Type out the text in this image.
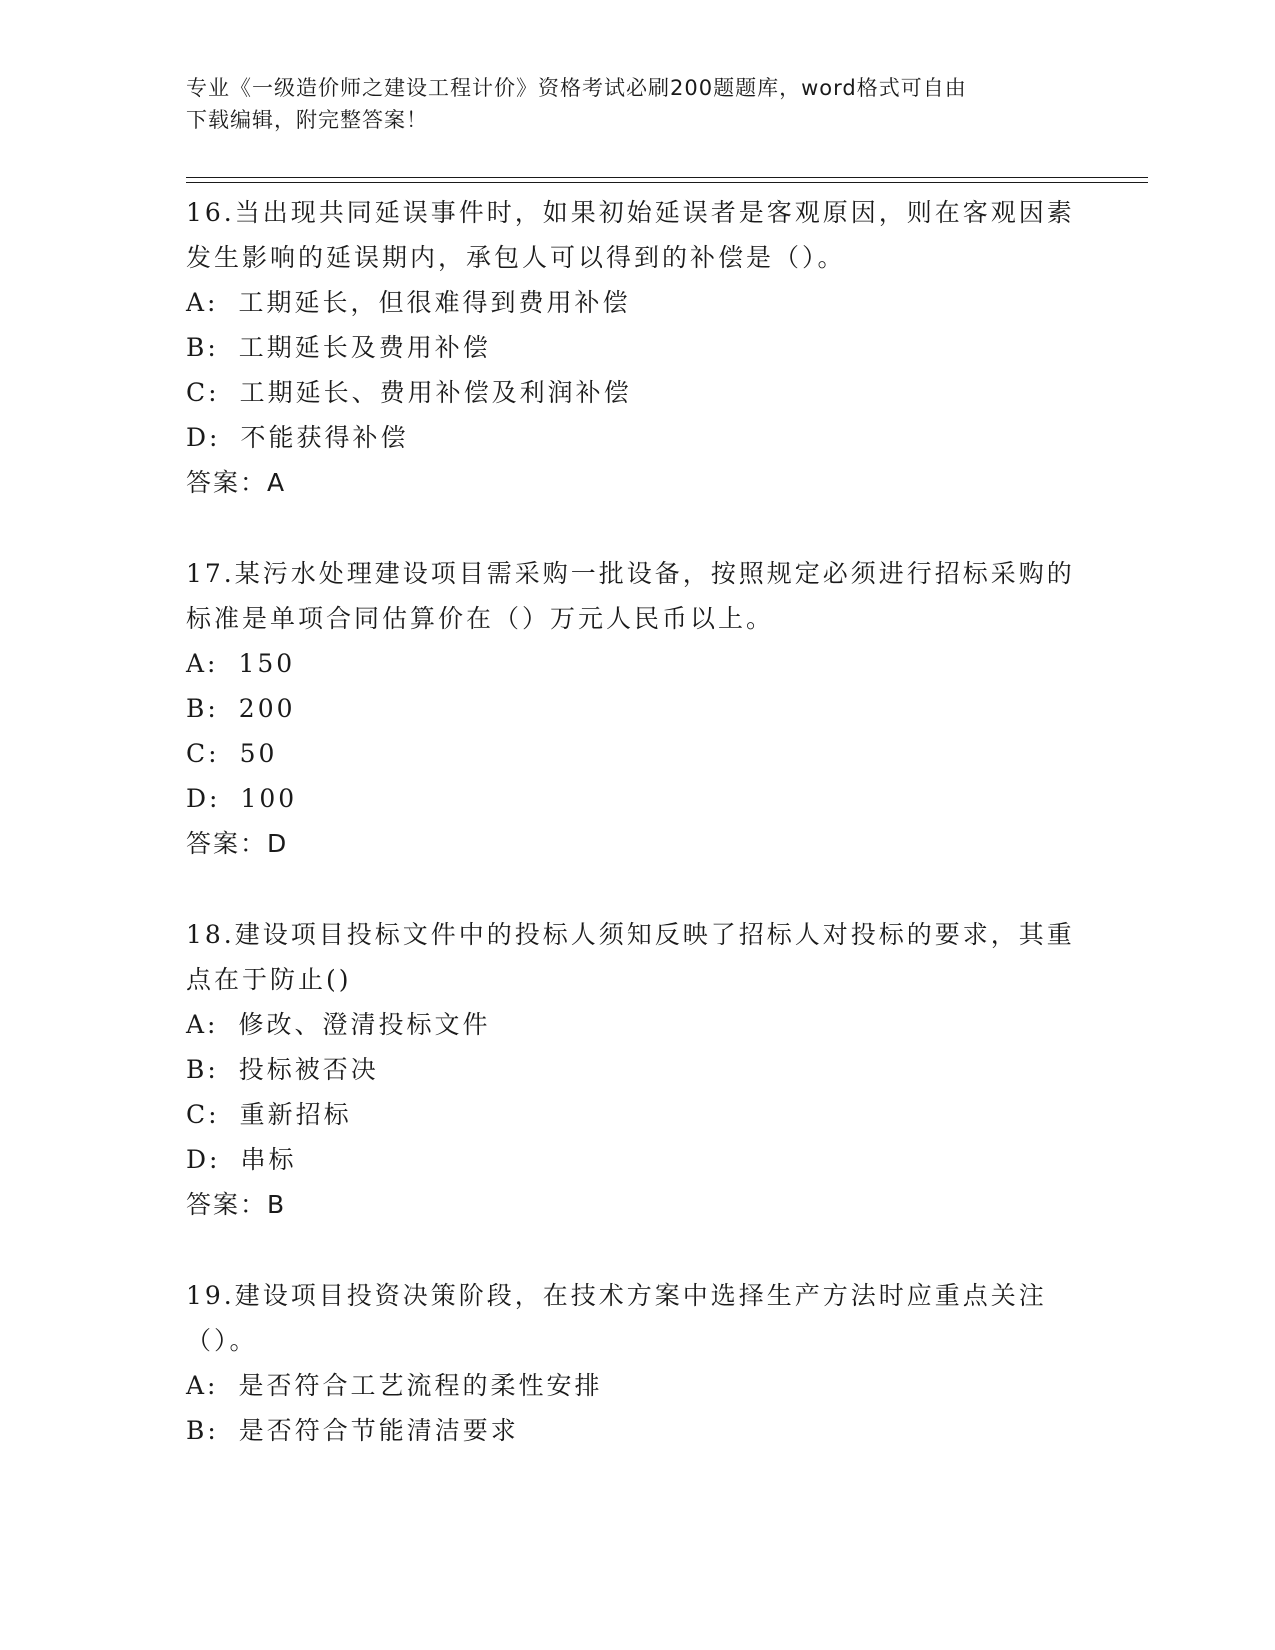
专业《一级造价师之建设工程计价》资格考试必刷200题题库，word格式可自由
下载编辑，附完整答案！
16.当出现共同延误事件时，如果初始延误者是客观原因，则在客观因素发生影响的延误期内，承包人可以得到的补偿是（）。
A: 工期延长，但很难得到费用补偿
B: 工期延长及费用补偿
C: 工期延长、费用补偿及利润补偿
D: 不能获得补偿
答案：A
17.某污水处理建设项目需采购一批设备，按照规定必须进行招标采购的标准是单项合同估算价在（）万元人民币以上。
A: 150
B: 200
C: 50
D: 100
答案：D
18.建设项目投标文件中的投标人须知反映了招标人对投标的要求，其重点在于防止()
A: 修改、澄清投标文件
B: 投标被否决
C: 重新招标
D: 串标
答案：B
19.建设项目投资决策阶段，在技术方案中选择生产方法时应重点关注（）。
A: 是否符合工艺流程的柔性安排
B: 是否符合节能清洁要求
